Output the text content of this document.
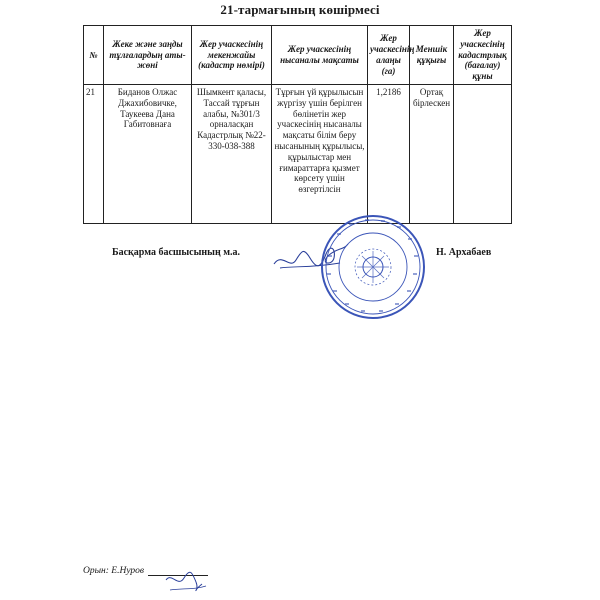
21-тармағының көшірмесі
№	Жеке және заңды тұлғалардың аты-жөні	Жер учаскесінің мекенжайы (кадастр нөмірі)	Жер учаскесінің нысаналы мақсаты	Жер учаскесінің алаңы (га)	Меншік құқығы	Жер учаскесінің кадастрлық (бағалау) құны
21	Биданов Олжас Джахибовичке, Таукеева Дана Габитовнаға	Шымкент қаласы, Тассай тұрғын алабы, №301/3 орналасқан Кадастрлық №22-330-038-388	Тұрғын үй құрылысын жүргізу үшін берілген бөлінетін жер учаскесінің нысаналы мақсаты білім беру нысанының құрылысы, құрылыстар мен ғимараттарға қызмет көрсету үшін өзгертілсін	1,2186	Ортақ бірлескен	
Басқарма басшысының м.а.	Н. Архабаев
Орын: Е.Нуров
